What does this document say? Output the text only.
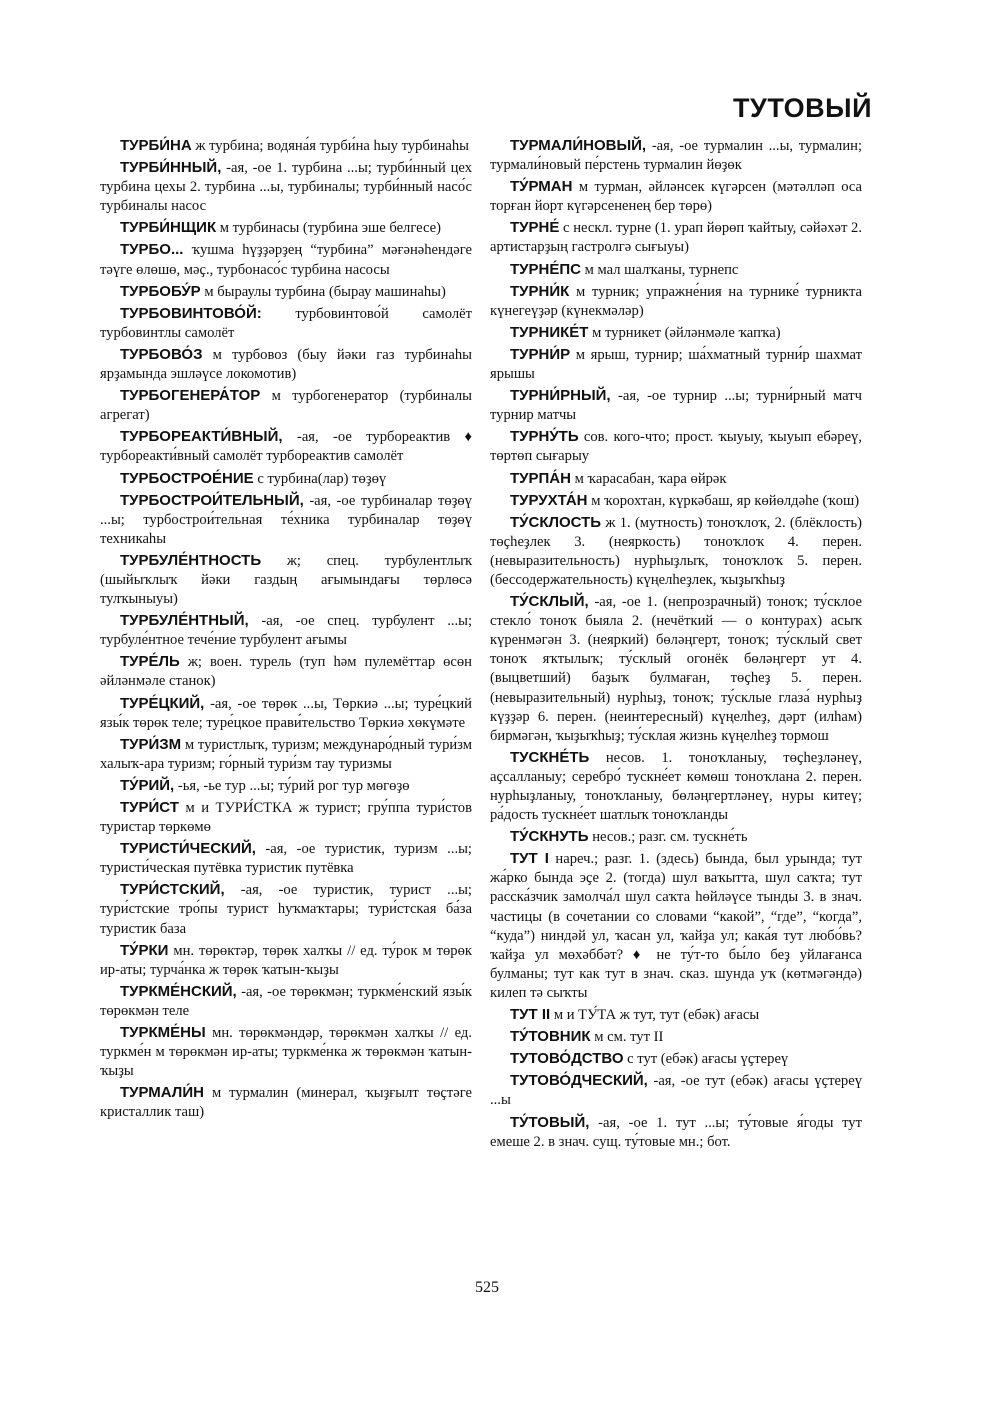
ТУТОВЫЙ

ТУРБИ́НА ж турбина; водяна́я турби́на һыу турбинаһы

ТУРБИ́ННЫЙ, -ая, -ое 1. турбина ...ы; турби́нный цех турбина цехы 2. турбина ...ы, турбиналы; турби́нный насо́с турбиналы насос

ТУРБИ́НЩИК м турбинасы (турбина эше белгесе)

ТУРБО... ҡушма һүҙҙәрҙең “турбина” мәғәнәһендәге тәүге өлөшө, мәҫ., турбонасо́с турбина насосы

ТУРБОБУ́Р м быраулы турбина (бырау машинаһы)

ТУРБОВИНТОВО́Й: турбовинтово́й самолёт турбовинтлы самолёт

ТУРБОВО́З м турбовоз (быу йәки газ турбинаһы ярҙамында эшләүсе локомотив)

ТУРБОГЕНЕРА́ТОР м турбогенератор (турбиналы агрегат)

ТУРБОРЕАКТИ́ВНЫЙ, -ая, -ое турбореактив ♦ турбореакти́вный самолёт турбореактив самолёт

ТУРБОСТРОЕ́НИЕ с турбина(лар) төҙөү

ТУРБОСТРОИ́ТЕЛЬНЫЙ, -ая, -ое турбиналар төҙөү ...ы; турбострои́тельная те́хника турбиналар төҙөү техникаһы

ТУРБУЛЕ́НТНОСТЬ ж; спец. турбулентлыҡ (шыйыҡлыҡ йәки газдың ағымындағы төрлөсә тулҡыныуы)

ТУРБУЛЕ́НТНЫЙ, -ая, -ое спец. турбулент ...ы; турбуле́нтное тече́ние турбулент ағымы

ТУРЕ́ЛЬ ж; воен. турель (туп һәм пулемёттар өсөн әйләнмәле станок)

ТУРЕ́ЦКИЙ, -ая, -ое төрөк ...ы, Төркиә ...ы; туре́цкий язы́к төрөк теле; туре́цкое прави́тельство Төркиә хөкүмәте

ТУРИ́ЗМ м туристлыҡ, туризм; междунаро́дный тури́зм халыҡ-ара туризм; го́рный тури́зм тау туризмы

ТУ́РИЙ, -ья, -ье тур ...ы; ту́рий рог тур мөгөҙө

ТУРИ́СТ м и ТУРИ́СТКА ж турист; гру́ппа тури́стов туристар төркөмө

ТУРИСТИ́ЧЕСКИЙ, -ая, -ое туристик, туризм ...ы; туристи́ческая путёвка туристик путёвка

ТУРИ́СТСКИЙ, -ая, -ое туристик, турист ...ы; тури́стские тро́пы турист һуҡмаҡтары; тури́стская ба́за туристик база

ТУ́РКИ мн. төрөктәр, төрөк халҡы // ед. ту́рок м төрөк ир-аты; турча́нка ж төрөк ҡатын-ҡыҙы

ТУРКМЕ́НСКИЙ, -ая, -ое төрөкмән; туркме́нский язы́к төрөкмән теле

ТУРКМЕ́НЫ мн. төрөкмәндәр, төрөкмән халҡы // ед. туркме́н м төрөкмән ир-аты; туркме́нка ж төрөкмән ҡатын-ҡыҙы

ТУРМАЛИ́Н м турмалин (минерал, ҡыҙғылт төҫтәге кристаллик таш)

ТУРМАЛИ́НОВЫЙ, -ая, -ое турмалин ...ы, турмалин; турмали́новый пе́рстень турмалин йөҙөк

ТУ́РМАН м турман, әйләнсек күгәрсен (мәтәлләп оса торған йорт күгәрсененең бер төрө)

ТУРНЕ́ с нескл. турне (1. урап йөрөп ҡайтыу, сәйәхәт 2. артистарҙың гастролгә сығыуы)

ТУРНЕ́ПС м мал шалҡаны, турнепс

ТУРНИ́К м турник; упражне́ния на турнике́ турникта күнегеүҙәр (күнекмәләр)

ТУРНИКЕ́Т м турникет (әйләнмәле ҡапҡа)

ТУРНИ́Р м ярыш, турнир; ша́хматный турни́р шахмат ярышы

ТУРНИ́РНЫЙ, -ая, -ое турнир ...ы; турни́рный матч турнир матчы

ТУРНУ́ТЬ сов. кого-что; прост. ҡыуыу, ҡыуып ебәреү, төртөп сығарыу

ТУРПА́Н м ҡарасабан, ҡара өйрәк

ТУРУХТА́Н м ҡорохтан, күркәбаш, яр көйөлдәһе (ҡош)

ТУ́СКЛОСТЬ ж 1. (мутность) тоноҡлоҡ, 2. (блёклость) төҫһеҙлек 3. (неяркость) тоноҡлоҡ 4. перен. (невыразительность) нурһыҙлыҡ, тоноҡлоҡ 5. перен. (бессодержательность) күңелһеҙлек, ҡыҙыҡһыҙ

ТУ́СКЛЫЙ, -ая, -ое 1. (непрозрачный) тоноҡ; ту́склое стекло́ тоноҡ быяла 2. (нечёткий — о контурах) асыҡ күренмәгән 3. (неяркий) бөләңгерт, тоноҡ; ту́склый свет тоноҡ яҡтылыҡ; ту́склый огонёк бөләңгерт ут 4. (выцветший) баҙыҡ булмаған, төҫһеҙ 5. перен. (невыразительный) нурһыҙ, тоноҡ; ту́склые глаза́ нурһыҙ күҙҙәр 6. перен. (неинтересный) күңелһеҙ, дәрт (илһам) бирмәгән, ҡыҙыҡһыҙ; ту́склая жизнь күңелһеҙ тормош

ТУСКНЕ́ТЬ несов. 1. тоноҡланыу, төҫһеҙләнеү, аҫсалланыу; серебро́ тускне́ет көмөш тоноҡлана 2. перен. нурһыҙланыу, тоноҡланыу, бөләңгертләнеү, нуры китеү; ра́дость тускне́ет шатлыҡ тоноҡланды

ТУ́СКНУТЬ несов.; разг. см. тускне́ть

ТУТ I нареч.; разг. 1. (здесь) бында, был урында; тут жа́рко бында эҫе 2. (тогда) шул ваҡытта, шул саҡта; тут расска́зчик замолча́л шул саҡта һөйләүсе тынды 3. в знач. частицы (в сочетании со словами “какой”, “где”, “когда”, “куда”) ниндәй ул, ҡасан ул, ҡайҙа ул; кака́я тут любо́вь? ҡайҙа ул мөхәббәт? ♦ не ту́т-то бы́ло беҙ уйлағанса булманы; тут как тут в знач. сказ. шунда уҡ (көтмәгәндә) килеп тә сыҡты

ТУТ II м и ТУ́ТА ж тут, тут (ебәк) ағасы

ТУ́ТОВНИК м см. тут II

ТУТОВО́ДСТВО с тут (ебәк) ағасы үҫтереү

ТУТОВО́ДЧЕСКИЙ, -ая, -ое тут (ебәк) ағасы үҫтереү ...ы

ТУ́ТОВЫЙ, -ая, -ое 1. тут ...ы; ту́товые я́годы тут емеше 2. в знач. сущ. ту́товые мн.; бот.

525
